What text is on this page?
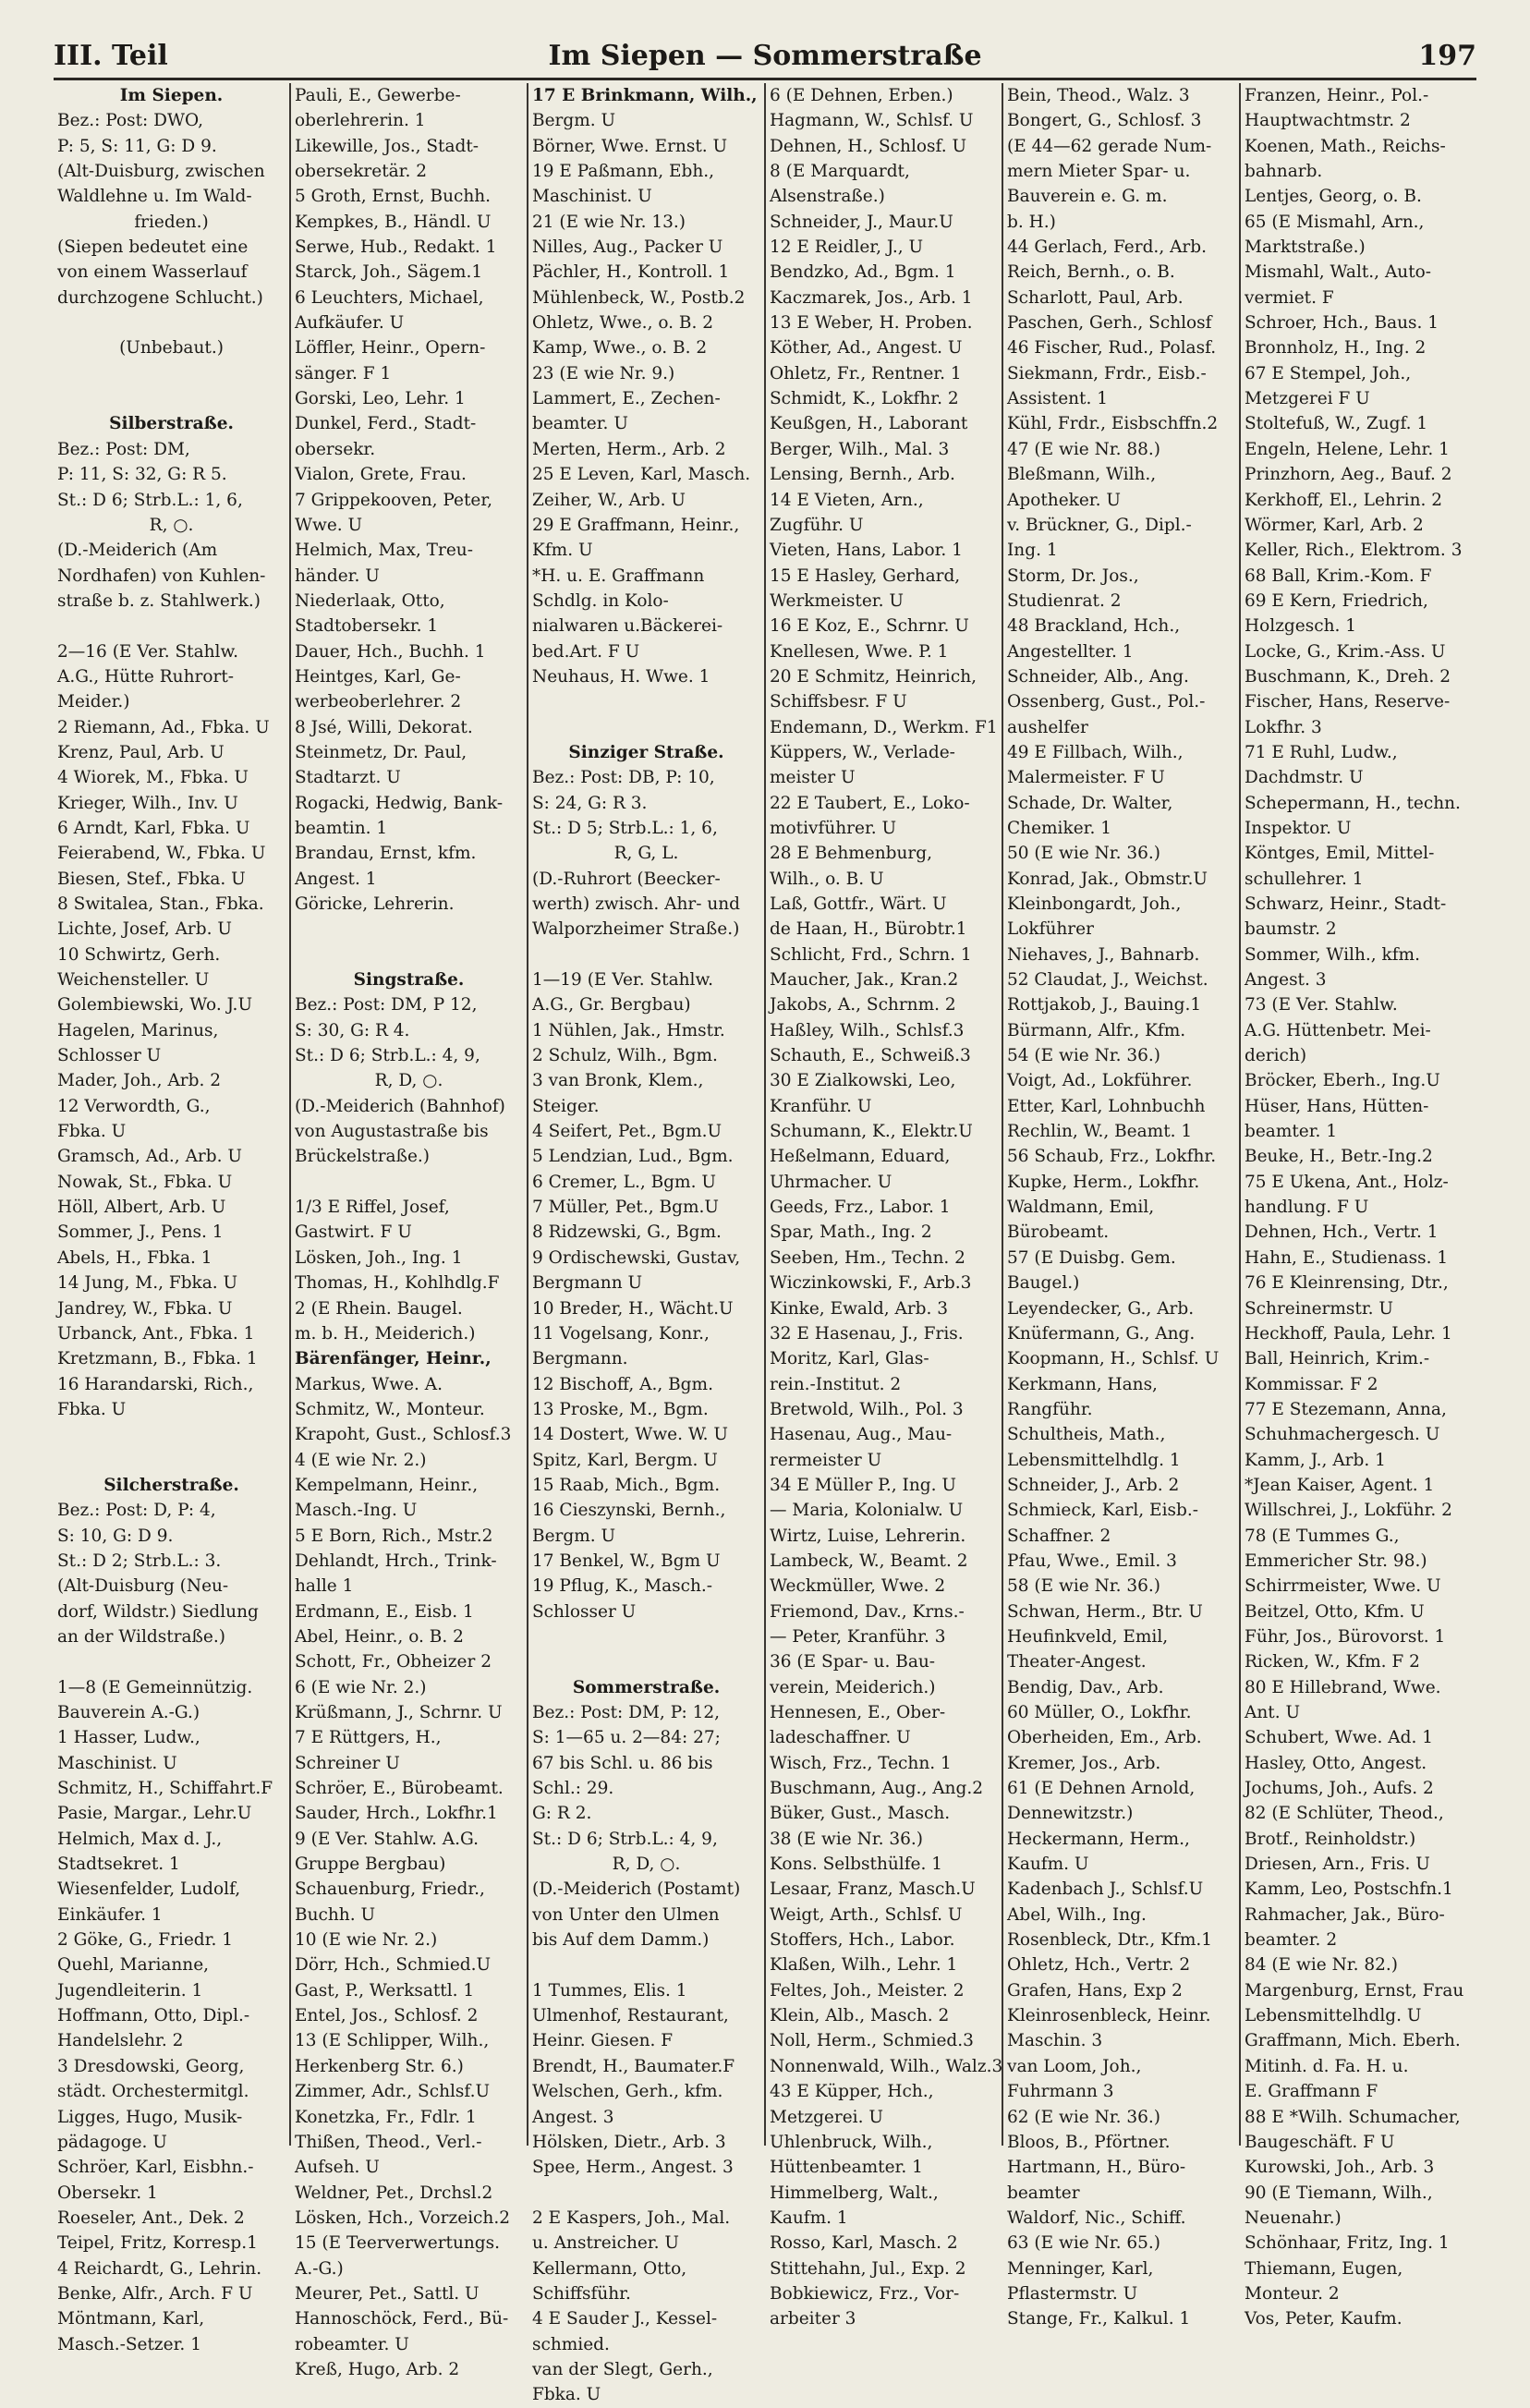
III. Teil	Im Siepen — Sommerstraße	197
Im Siepen.
Bez.: Post: DWO,
P: 5, S: 11, G: D 9.
(Alt-Duisburg, zwischen
Waldlehne u. Im Wald-
frieden.)
(Siepen bedeutet eine
von einem Wasserlauf
durchzogene Schlucht.)
(Unbebaut.)
Silberstraße.
Bez.: Post: DM,
P: 11, S: 32, G: R 5.
St.: D 6; Strb.L.: 1, 6,
R, ○.
(D.-Meiderich (Am
Nordhafen) von Kuhlen-
straße b. z. Stahlwerk.)
2—16 (E Ver. Stahlw.
A.G., Hütte Ruhrort-
Meider.)
2 Riemann, Ad., Fbka. U
Krenz, Paul, Arb. U
4 Wiorek, M., Fbka. U
Krieger, Wilh., Inv. U
6 Arndt, Karl, Fbka. U
Feierabend, W., Fbka. U
Biesen, Stef., Fbka. U
8 Switalea, Stan., Fbka.
Lichte, Josef, Arb. U
10 Schwirtz, Gerh.
Weichensteller. U
Golembiewski, Wo. J.U
Hagelen, Marinus,
Schlosser U
Mader, Joh., Arb. 2
12 Verwordth, G.,
Fbka. U
Gramsch, Ad., Arb. U
Nowak, St., Fbka. U
Höll, Albert, Arb. U
Sommer, J., Pens. 1
Abels, H., Fbka. 1
14 Jung, M., Fbka. U
Jandrey, W., Fbka. U
Urbanck, Ant., Fbka. 1
Kretzmann, B., Fbka. 1
16 Harandarski, Rich.,
Fbka. U
Silcherstraße.
Bez.: Post: D, P: 4,
S: 10, G: D 9.
St.: D 2; Strb.L.: 3.
(Alt-Duisburg (Neu-
dorf, Wildstr.) Siedlung
an der Wildstraße.)
1—8 (E Gemeinnützig.
Bauverein A.-G.)
1 Hasser, Ludw.,
Maschinist. U
Schmitz, H., Schiffahrt.F
Pasie, Margar., Lehr.U
Helmich, Max d. J.,
Stadtsekret. 1
Wiesenfelder, Ludolf,
Einkäufer. 1
2 Göke, G., Friedr. 1
Quehl, Marianne,
Jugendleiterin. 1
Hoffmann, Otto, Dipl.-
Handelslehr. 2
3 Dresdowski, Georg,
städt. Orchestermitgl.
Ligges, Hugo, Musik-
pädagoge. U
Schröer, Karl, Eisbhn.-
Obersekr. 1
Roeseler, Ant., Dek. 2
Teipel, Fritz, Korresp.1
4 Reichardt, G., Lehrin.
Benke, Alfr., Arch. F U
Möntmann, Karl,
Masch.-Setzer. 1
Pauli, E., Gewerbe-
oberlehrerin. 1
Likewille, Jos., Stadt-
obersekretär. 2
5 Groth, Ernst, Buchh.
Kempkes, B., Händl. U
Serwe, Hub., Redakt. 1
Starck, Joh., Sägem.1
6 Leuchters, Michael,
Aufkäufer. U
Löffler, Heinr., Opern-
sänger. F 1
Gorski, Leo, Lehr. 1
Dunkel, Ferd., Stadt-
obersekr.
Vialon, Grete, Frau.
7 Grippekooven, Peter,
Wwe. U
Helmich, Max, Treu-
händer. U
Niederlaak, Otto,
Stadtobersekr. 1
Dauer, Hch., Buchh. 1
Heintges, Karl, Ge-
werbeoberlehrer. 2
8 Jsé, Willi, Dekorat.
Steinmetz, Dr. Paul,
Stadtarzt. U
Rogacki, Hedwig, Bank-
beamtin. 1
Brandau, Ernst, kfm.
Angest. 1
Göricke, Lehrerin.
Singstraße.
Bez.: Post: DM, P 12,
S: 30, G: R 4.
St.: D 6; Strb.L.: 4, 9,
R, D, ○.
(D.-Meiderich (Bahnhof)
von Augustastraße bis
Brückelstraße.)
1/3 E Riffel, Josef,
Gastwirt. F U
Lösken, Joh., Ing. 1
Thomas, H., Kohlhdlg.F
2 (E Rhein. Baugel.
m. b. H., Meiderich.)
Bärenfänger, Heinr.,
Markus, Wwe. A.
Schmitz, W., Monteur.
Krapoht, Gust., Schlosf.3
4 (E wie Nr. 2.)
Kempelmann, Heinr.,
Masch.-Ing. U
5 E Born, Rich., Mstr.2
Dehlandt, Hrch., Trink-
halle 1
Erdmann, E., Eisb. 1
Abel, Heinr., o. B. 2
Schott, Fr., Obheizer 2
6 (E wie Nr. 2.)
Krüßmann, J., Schrnr. U
7 E Rüttgers, H.,
Schreiner U
Schröer, E., Bürobeamt.
Sauder, Hrch., Lokfhr.1
9 (E Ver. Stahlw. A.G.
Gruppe Bergbau)
Schauenburg, Friedr.,
Buchh. U
10 (E wie Nr. 2.)
Dörr, Hch., Schmied.U
Gast, P., Werksattl. 1
Entel, Jos., Schlosf. 2
13 (E Schlipper, Wilh.,
Herkenberg Str. 6.)
Zimmer, Adr., Schlsf.U
Konetzka, Fr., Fdlr. 1
Thißen, Theod., Verl.-
Aufseh. U
Weldner, Pet., Drchsl.2
Lösken, Hch., Vorzeich.2
15 (E Teerverwertungs.
A.-G.)
Meurer, Pet., Sattl. U
Hannoschöck, Ferd., Bü-
robeamter. U
Kreß, Hugo, Arb. 2
17 E Brinkmann, Wilh.,
Bergm. U
Börner, Wwe. Ernst. U
19 E Paßmann, Ebh.,
Maschinist. U
21 (E wie Nr. 13.)
Nilles, Aug., Packer U
Pächler, H., Kontroll. 1
Mühlenbeck, W., Postb.2
Ohletz, Wwe., o. B. 2
Kamp, Wwe., o. B. 2
23 (E wie Nr. 9.)
Lammert, E., Zechen-
beamter. U
Merten, Herm., Arb. 2
25 E Leven, Karl, Masch.
Zeiher, W., Arb. U
29 E Graffmann, Heinr.,
Kfm. U
*H. u. E. Graffmann
Schdlg. in Kolo-
nialwaren u.Bäckerei-
bed.Art. F U
Neuhaus, H. Wwe. 1
Sinziger Straße.
Bez.: Post: DB, P: 10,
S: 24, G: R 3.
St.: D 5; Strb.L.: 1, 6,
R, G, L.
(D.-Ruhrort (Beecker-
werth) zwisch. Ahr- und
Walporzheimer Straße.)
1—19 (E Ver. Stahlw.
A.G., Gr. Bergbau)
1 Nühlen, Jak., Hmstr.
2 Schulz, Wilh., Bgm.
3 van Bronk, Klem.,
Steiger.
4 Seifert, Pet., Bgm.U
5 Lendzian, Lud., Bgm.
6 Cremer, L., Bgm. U
7 Müller, Pet., Bgm.U
8 Ridzewski, G., Bgm.
9 Ordischewski, Gustav,
Bergmann U
10 Breder, H., Wächt.U
11 Vogelsang, Konr.,
Bergmann.
12 Bischoff, A., Bgm.
13 Proske, M., Bgm.
14 Dostert, Wwe. W. U
Spitz, Karl, Bergm. U
15 Raab, Mich., Bgm.
16 Cieszynski, Bernh.,
Bergm. U
17 Benkel, W., Bgm U
19 Pflug, K., Masch.-
Schlosser U
Sommerstraße.
Bez.: Post: DM, P: 12,
S: 1—65 u. 2—84: 27;
67 bis Schl. u. 86 bis
Schl.: 29.
G: R 2.
St.: D 6; Strb.L.: 4, 9,
R, D, ○.
(D.-Meiderich (Postamt)
von Unter den Ulmen
bis Auf dem Damm.)
1 Tummes, Elis. 1
Ulmenhof, Restaurant,
Heinr. Giesen. F
Brendt, H., Baumater.F
Welschen, Gerh., kfm.
Angest. 3
Hölsken, Dietr., Arb. 3
Spee, Herm., Angest. 3
2 E Kaspers, Joh., Mal.
u. Anstreicher. U
Kellermann, Otto,
Schiffsführ.
4 E Sauder J., Kessel-
schmied.
van der Slegt, Gerh.,
Fbka. U
6 (E Dehnen, Erben.)
Hagmann, W., Schlsf. U
Dehnen, H., Schlosf. U
8 (E Marquardt,
Alsenstraße.)
Schneider, J., Maur.U
12 E Reidler, J., U
Bendzko, Ad., Bgm. 1
Kaczmarek, Jos., Arb. 1
13 E Weber, H. Proben.
Köther, Ad., Angest. U
Ohletz, Fr., Rentner. 1
Schmidt, K., Lokfhr. 2
Keußgen, H., Laborant
Berger, Wilh., Mal. 3
Lensing, Bernh., Arb.
14 E Vieten, Arn.,
Zugführ. U
Vieten, Hans, Labor. 1
15 E Hasley, Gerhard,
Werkmeister. U
16 E Koz, E., Schrnr. U
Knellesen, Wwe. P. 1
20 E Schmitz, Heinrich,
Schiffsbesr. F U
Endemann, D., Werkm. F1
Küppers, W., Verlade-
meister U
22 E Taubert, E., Loko-
motivführer. U
28 E Behmenburg,
Wilh., o. B. U
Laß, Gottfr., Wärt. U
de Haan, H., Bürobtr.1
Schlicht, Frd., Schrn. 1
Maucher, Jak., Kran.2
Jakobs, A., Schrnm. 2
Haßley, Wilh., Schlsf.3
Schauth, E., Schweiß.3
30 E Zialkowski, Leo,
Kranführ. U
Schumann, K., Elektr.U
Heßelmann, Eduard,
Uhrmacher. U
Geeds, Frz., Labor. 1
Spar, Math., Ing. 2
Seeben, Hm., Techn. 2
Wiczinkowski, F., Arb.3
Kinke, Ewald, Arb. 3
32 E Hasenau, J., Fris.
Moritz, Karl, Glas-
rein.-Institut. 2
Bretwold, Wilh., Pol. 3
Hasenau, Aug., Mau-
rermeister U
34 E Müller P., Ing. U
— Maria, Kolonialw. U
Wirtz, Luise, Lehrerin.
Lambeck, W., Beamt. 2
Weckmüller, Wwe. 2
Friemond, Dav., Krns.-
— Peter, Kranführ. 3
36 (E Spar- u. Bau-
verein, Meiderich.)
Hennesen, E., Ober-
ladeschaffner. U
Wisch, Frz., Techn. 1
Buschmann, Aug., Ang.2
Büker, Gust., Masch.
38 (E wie Nr. 36.)
Kons. Selbsthülfe. 1
Lesaar, Franz, Masch.U
Weigt, Arth., Schlsf. U
Stoffers, Hch., Labor.
Klaßen, Wilh., Lehr. 1
Feltes, Joh., Meister. 2
Klein, Alb., Masch. 2
Noll, Herm., Schmied.3
Nonnenwald, Wilh., Walz.3
43 E Küpper, Hch.,
Metzgerei. U
Uhlenbruck, Wilh.,
Hüttenbeamter. 1
Himmelberg, Walt.,
Kaufm. 1
Rosso, Karl, Masch. 2
Stittehahn, Jul., Exp. 2
Bobkiewicz, Frz., Vor-
arbeiter 3
Bein, Theod., Walz. 3
Bongert, G., Schlosf. 3
(E 44—62 gerade Num-
mern Mieter Spar- u.
Bauverein e. G. m.
b. H.)
44 Gerlach, Ferd., Arb.
Reich, Bernh., o. B.
Scharlott, Paul, Arb.
Paschen, Gerh., Schlosf
46 Fischer, Rud., Polasf.
Siekmann, Frdr., Eisb.-
Assistent. 1
Kühl, Frdr., Eisbschffn.2
47 (E wie Nr. 88.)
Bleßmann, Wilh.,
Apotheker. U
v. Brückner, G., Dipl.-
Ing. 1
Storm, Dr. Jos.,
Studienrat. 2
48 Brackland, Hch.,
Angestellter. 1
Schneider, Alb., Ang.
Ossenberg, Gust., Pol.-
aushelfer
49 E Fillbach, Wilh.,
Malermeister. F U
Schade, Dr. Walter,
Chemiker. 1
50 (E wie Nr. 36.)
Konrad, Jak., Obmstr.U
Kleinbongardt, Joh.,
Lokführer
Niehaves, J., Bahnarb.
52 Claudat, J., Weichst.
Rottjakob, J., Bauing.1
Bürmann, Alfr., Kfm.
54 (E wie Nr. 36.)
Voigt, Ad., Lokführer.
Etter, Karl, Lohnbuchh
Rechlin, W., Beamt. 1
56 Schaub, Frz., Lokfhr.
Kupke, Herm., Lokfhr.
Waldmann, Emil,
Bürobeamt.
57 (E Duisbg. Gem.
Baugel.)
Leyendecker, G., Arb.
Knüfermann, G., Ang.
Koopmann, H., Schlsf. U
Kerkmann, Hans,
Rangführ.
Schultheis, Math.,
Lebensmittelhdlg. 1
Schneider, J., Arb. 2
Schmieck, Karl, Eisb.-
Schaffner. 2
Pfau, Wwe., Emil. 3
58 (E wie Nr. 36.)
Schwan, Herm., Btr. U
Heufinkveld, Emil,
Theater-Angest.
Bendig, Dav., Arb.
60 Müller, O., Lokfhr.
Oberheiden, Em., Arb.
Kremer, Jos., Arb.
61 (E Dehnen Arnold,
Dennewitzstr.)
Heckermann, Herm.,
Kaufm. U
Kadenbach J., Schlsf.U
Abel, Wilh., Ing.
Rosenbleck, Dtr., Kfm.1
Ohletz, Hch., Vertr. 2
Grafen, Hans, Exp 2
Kleinrosenbleck, Heinr.
Maschin. 3
van Loom, Joh.,
Fuhrmann 3
62 (E wie Nr. 36.)
Bloos, B., Pförtner.
Hartmann, H., Büro-
beamter
Waldorf, Nic., Schiff.
63 (E wie Nr. 65.)
Menninger, Karl,
Pflastermstr. U
Stange, Fr., Kalkul. 1
Franzen, Heinr., Pol.-
Hauptwachtmstr. 2
Koenen, Math., Reichs-
bahnarb.
Lentjes, Georg, o. B.
65 (E Mismahl, Arn.,
Marktstraße.)
Mismahl, Walt., Auto-
vermiet. F
Schroer, Hch., Baus. 1
Bronnholz, H., Ing. 2
67 E Stempel, Joh.,
Metzgerei F U
Stoltefuß, W., Zugf. 1
Engeln, Helene, Lehr. 1
Prinzhorn, Aeg., Bauf. 2
Kerkhoff, El., Lehrin. 2
Wörmer, Karl, Arb. 2
Keller, Rich., Elektrom. 3
68 Ball, Krim.-Kom. F
69 E Kern, Friedrich,
Holzgesch. 1
Locke, G., Krim.-Ass. U
Buschmann, K., Dreh. 2
Fischer, Hans, Reserve-
Lokfhr. 3
71 E Ruhl, Ludw.,
Dachdmstr. U
Schepermann, H., techn.
Inspektor. U
Köntges, Emil, Mittel-
schullehrer. 1
Schwarz, Heinr., Stadt-
baumstr. 2
Sommer, Wilh., kfm.
Angest. 3
73 (E Ver. Stahlw.
A.G. Hüttenbetr. Mei-
derich)
Bröcker, Eberh., Ing.U
Hüser, Hans, Hütten-
beamter. 1
Beuke, H., Betr.-Ing.2
75 E Ukena, Ant., Holz-
handlung. F U
Dehnen, Hch., Vertr. 1
Hahn, E., Studienass. 1
76 E Kleinrensing, Dtr.,
Schreinermstr. U
Heckhoff, Paula, Lehr. 1
Ball, Heinrich, Krim.-
Kommissar. F 2
77 E Stezemann, Anna,
Schuhmachergesch. U
Kamm, J., Arb. 1
*Jean Kaiser, Agent. 1
Willschrei, J., Lokführ. 2
78 (E Tummes G.,
Emmericher Str. 98.)
Schirrmeister, Wwe. U
Beitzel, Otto, Kfm. U
Führ, Jos., Bürovorst. 1
Ricken, W., Kfm. F 2
80 E Hillebrand, Wwe.
Ant. U
Schubert, Wwe. Ad. 1
Hasley, Otto, Angest.
Jochums, Joh., Aufs. 2
82 (E Schlüter, Theod.,
Brotf., Reinholdstr.)
Driesen, Arn., Fris. U
Kamm, Leo, Postschfn.1
Rahmacher, Jak., Büro-
beamter. 2
84 (E wie Nr. 82.)
Margenburg, Ernst, Frau
Lebensmittelhdlg. U
Graffmann, Mich. Eberh.
Mitinh. d. Fa. H. u.
E. Graffmann F
88 E *Wilh. Schumacher,
Baugeschäft. F U
Kurowski, Joh., Arb. 3
90 (E Tiemann, Wilh.,
Neuenahr.)
Schönhaar, Fritz, Ing. 1
Thiemann, Eugen,
Monteur. 2
Vos, Peter, Kaufm.
